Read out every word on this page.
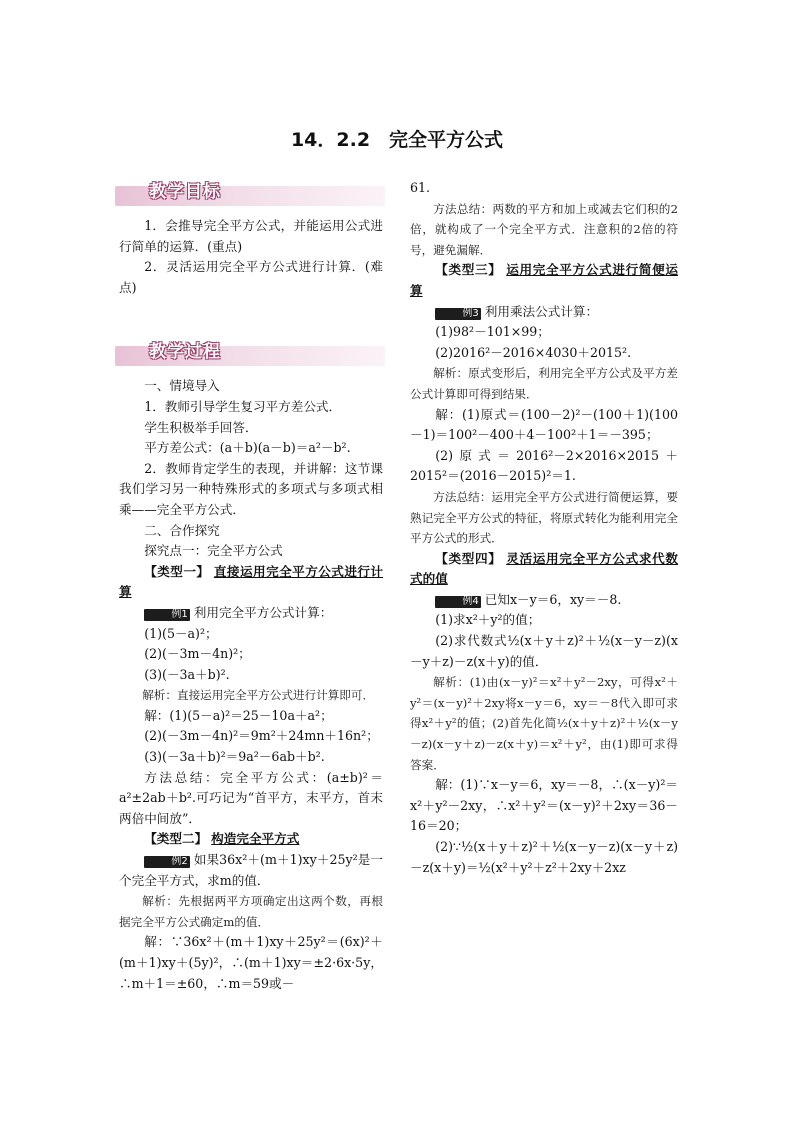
14．2.2　完全平方公式
教学目标

1．会推导完全平方公式，并能运用公式进行简单的运算．(重点)

2．灵活运用完全平方公式进行计算．(难点)

教学过程

一、情境导入

1．教师引导学生复习平方差公式．

学生积极举手回答．

平方差公式：(a＋b)(a－b)＝a²－b².

2．教师肯定学生的表现，并讲解：这节课我们学习另一种特殊形式的多项式与多项式相乘——完全平方公式．

二、合作探究

探究点一：完全平方公式

【类型一】 直接运用完全平方公式进行计算

例1 利用完全平方公式计算：

(1)(5－a)²；

(2)(－3m－4n)²；

(3)(－3a＋b)².

解析：直接运用完全平方公式进行计算即可．

解：(1)(5－a)²＝25－10a＋a²；

(2)(－3m－4n)²＝9m²＋24mn＋16n²；

(3)(－3a＋b)²＝9a²－6ab＋b².

方法总结：完全平方公式：(a±b)²＝a²±2ab＋b².可巧记为“首平方，末平方，首末两倍中间放”．

【类型二】 构造完全平方式

例2 如果36x²＋(m＋1)xy＋25y²是一个完全平方式，求m的值．

解析：先根据两平方项确定出这两个数，再根据完全平方公式确定m的值．

解：∵36x²＋(m＋1)xy＋25y²＝(6x)²＋(m＋1)xy＋(5y)²，∴(m＋1)xy＝±2·6x·5y，∴m＋1＝±60，∴m＝59或－

61.

方法总结：两数的平方和加上或减去它们积的2倍，就构成了一个完全平方式．注意积的2倍的符号，避免漏解．

【类型三】 运用完全平方公式进行简便运算

例3 利用乘法公式计算：

(1)98²－101×99；

(2)2016²－2016×4030＋2015².

解析：原式变形后，利用完全平方公式及平方差公式计算即可得到结果．

解：(1)原式＝(100－2)²－(100＋1)(100－1)＝100²－400＋4－100²＋1＝－395；

(2)原式＝2016²－2×2016×2015＋2015²＝(2016－2015)²＝1.

方法总结：运用完全平方公式进行简便运算，要熟记完全平方公式的特征，将原式转化为能利用完全平方公式的形式．

【类型四】 灵活运用完全平方公式求代数式的值

例4 已知x－y＝6，xy＝－8.

(1)求x²＋y²的值；

(2)求代数式½(x＋y＋z)²＋½(x－y－z)(x－y＋z)－z(x＋y)的值．

解析：(1)由(x－y)²＝x²＋y²－2xy，可得x²＋y²＝(x－y)²＋2xy将x－y＝6，xy＝－8代入即可求得x²＋y²的值；(2)首先化简½(x＋y＋z)²＋½(x－y－z)(x－y＋z)－z(x＋y)＝x²＋y²，由(1)即可求得答案．

解：(1)∵x－y＝6，xy＝－8，∴(x－y)²＝x²＋y²－2xy，∴x²＋y²＝(x－y)²＋2xy＝36－16＝20；

(2)∵½(x＋y＋z)²＋½(x－y－z)(x－y＋z)－z(x＋y)＝½(x²＋y²＋z²＋2xy＋2xz
